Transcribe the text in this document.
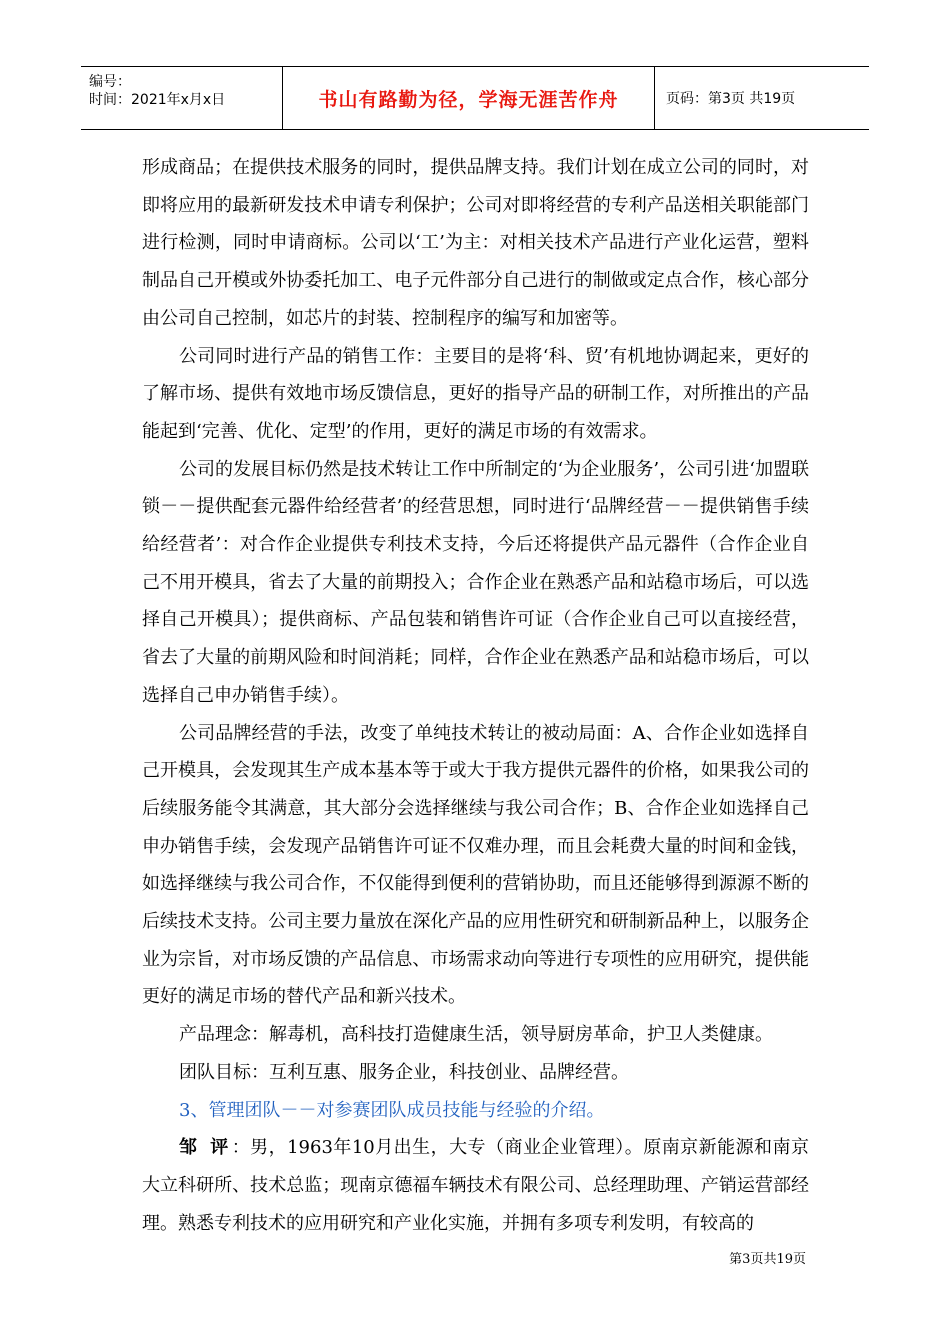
编号：
时间：2021年x月x日	书山有路勤为径，学海无涯苦作舟	页码：第3页 共19页

形成商品；在提供技术服务的同时，提供品牌支持。我们计划在成立公司的同时，对即将应用的最新研发技术申请专利保护；公司对即将经营的专利产品送相关职能部门进行检测，同时申请商标。公司以‘工’为主：对相关技术产品进行产业化运营，塑料制品自己开模或外协委托加工、电子元件部分自己进行的制做或定点合作，核心部分由公司自己控制，如芯片的封装、控制程序的编写和加密等。

公司同时进行产品的销售工作：主要目的是将‘科、贸’有机地协调起来，更好的了解市场、提供有效地市场反馈信息，更好的指导产品的研制工作，对所推出的产品能起到‘完善、优化、定型’的作用，更好的满足市场的有效需求。

公司的发展目标仍然是技术转让工作中所制定的‘为企业服务’，公司引进‘加盟联锁－－提供配套元器件给经营者’的经营思想，同时进行‘品牌经营－－提供销售手续给经营者’：对合作企业提供专利技术支持，今后还将提供产品元器件（合作企业自己不用开模具，省去了大量的前期投入；合作企业在熟悉产品和站稳市场后，可以选择自己开模具）；提供商标、产品包装和销售许可证（合作企业自己可以直接经营，省去了大量的前期风险和时间消耗；同样，合作企业在熟悉产品和站稳市场后，可以选择自己申办销售手续）。

公司品牌经营的手法，改变了单纯技术转让的被动局面：A、合作企业如选择自己开模具，会发现其生产成本基本等于或大于我方提供元器件的价格，如果我公司的后续服务能令其满意，其大部分会选择继续与我公司合作；B、合作企业如选择自己申办销售手续，会发现产品销售许可证不仅难办理，而且会耗费大量的时间和金钱，如选择继续与我公司合作，不仅能得到便利的营销协助，而且还能够得到源源不断的后续技术支持。公司主要力量放在深化产品的应用性研究和研制新品种上，以服务企业为宗旨，对市场反馈的产品信息、市场需求动向等进行专项性的应用研究，提供能更好的满足市场的替代产品和新兴技术。

产品理念：解毒机，高科技打造健康生活，领导厨房革命，护卫人类健康。

团队目标：互利互惠、服务企业，科技创业、品牌经营。

3、管理团队－－对参赛团队成员技能与经验的介绍。

邹 评：男，1963年10月出生，大专（商业企业管理）。原南京新能源和南京大立科研所、技术总监；现南京德福车辆技术有限公司、总经理助理、产销运营部经理。熟悉专利技术的应用研究和产业化实施，并拥有多项专利发明，有较高的

第3页共19页
